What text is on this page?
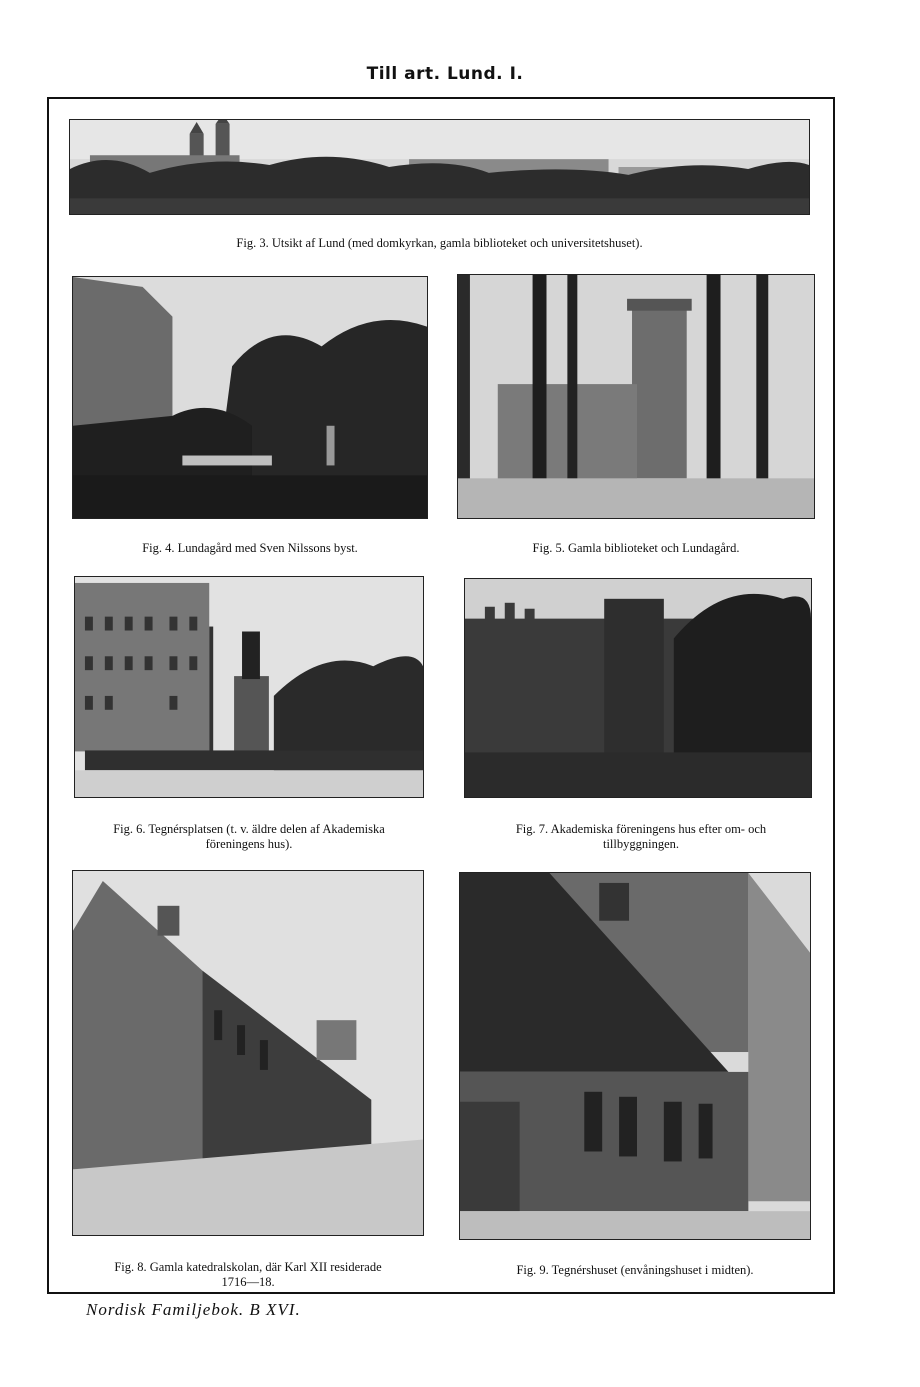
Till art. Lund. I.
Fig. 3. Utsikt af Lund (med domkyrkan, gamla biblioteket och universitetshuset).
Fig. 4. Lundagård med Sven Nilssons byst.	Fig. 5. Gamla biblioteket och Lundagård.
Fig. 6. Tegnérsplatsen (t. v. äldre delen af Akademiska
föreningens hus).
Fig. 7. Akademiska föreningens hus efter om- och
tillbyggningen.
Fig. 8. Gamla katedralskolan, där Karl XII residerade
1716—18.
Fig. 9. Tegnérshuset (envåningshuset i midten).
Nordisk Familjebok. B XVI.
